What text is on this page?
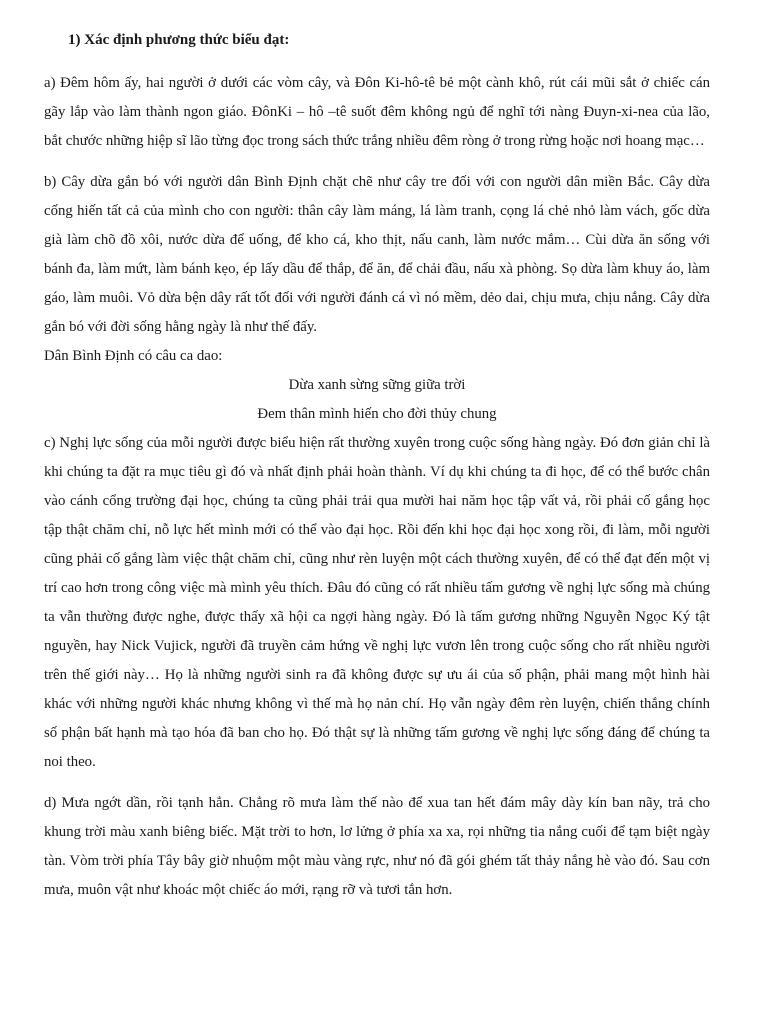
1) Xác định phương thức biểu đạt:

a) Đêm hôm ấy, hai người ở dưới các vòm cây, và Đôn Ki-hô-tê bẻ một cành khô, rút cái mũi sắt ở chiếc cán gãy lắp vào làm thành ngon giáo. ĐônKi – hô –tê suốt đêm không ngủ để nghĩ tới nàng Đuyn-xi-nea của lão, bắt chước những hiệp sĩ lão từng đọc trong sách thức trắng nhiều đêm ròng ở trong rừng hoặc nơi hoang mạc…

b) Cây dừa gắn bó với người dân Bình Định chặt chẽ như cây tre đối với con người dân miền Bắc. Cây dừa cống hiến tất cả của mình cho con người: thân cây làm máng, lá làm tranh, cọng lá chẻ nhỏ làm vách, gốc dừa già làm chõ đồ xôi, nước dừa để uống, để kho cá, kho thịt, nấu canh, làm nước mắm… Cùi dừa ăn sống với bánh đa, làm mứt, làm bánh kẹo, ép lấy dầu để thắp, để ăn, để chải đầu, nấu xà phòng. Sọ dừa làm khuy áo, làm gáo, làm muôi. Vỏ dừa bện dây rất tốt đối với người đánh cá vì nó mềm, dẻo dai, chịu mưa, chịu nắng. Cây dừa gắn bó với đời sống hằng ngày là như thế đấy.

Dân Bình Định có câu ca dao:

Dừa xanh sừng sững giữa trời
Đem thân mình hiến cho đời thủy chung

c) Nghị lực sống của mỗi người được biểu hiện rất thường xuyên trong cuộc sống hàng ngày. Đó đơn giản chỉ là khi chúng ta đặt ra mục tiêu gì đó và nhất định phải hoàn thành. Ví dụ khi chúng ta đi học, để có thể bước chân vào cánh cổng trường đại học, chúng ta cũng phải trải qua mười hai năm học tập vất vả, rồi phải cố gắng học tập thật chăm chỉ, nỗ lực hết mình mới có thể vào đại học. Rồi đến khi học đại học xong rồi, đi làm, mỗi người cũng phải cố gắng làm việc thật chăm chỉ, cũng như rèn luyện một cách thường xuyên, để có thể đạt đến một vị trí cao hơn trong công việc mà mình yêu thích. Đâu đó cũng có rất nhiều tấm gương về nghị lực sống mà chúng ta vẫn thường được nghe, được thấy xã hội ca ngợi hàng ngày. Đó là tấm gương những Nguyễn Ngọc Ký tật nguyền, hay Nick Vujick, người đã truyền cảm hứng về nghị lực vươn lên trong cuộc sống cho rất nhiều người trên thế giới này… Họ là những người sinh ra đã không được sự ưu ái của số phận, phải mang một hình hài khác với những người khác nhưng không vì thế mà họ nản chí. Họ vẫn ngày đêm rèn luyện, chiến thắng chính số phận bất hạnh mà tạo hóa đã ban cho họ. Đó thật sự là những tấm gương về nghị lực sống đáng để chúng ta noi theo.

d) Mưa ngớt dần, rồi tạnh hẳn. Chẳng rõ mưa làm thế nào để xua tan hết đám mây dày kín ban nãy, trả cho khung trời màu xanh biêng biếc. Mặt trời to hơn, lơ lửng ở phía xa xa, rọi những tia nắng cuối để tạm biệt ngày tàn. Vòm trời phía Tây bây giờ nhuộm một màu vàng rực, như nó đã gói ghém tất thảy nắng hè vào đó. Sau cơn mưa, muôn vật như khoác một chiếc áo mới, rạng rỡ và tươi tắn hơn.
